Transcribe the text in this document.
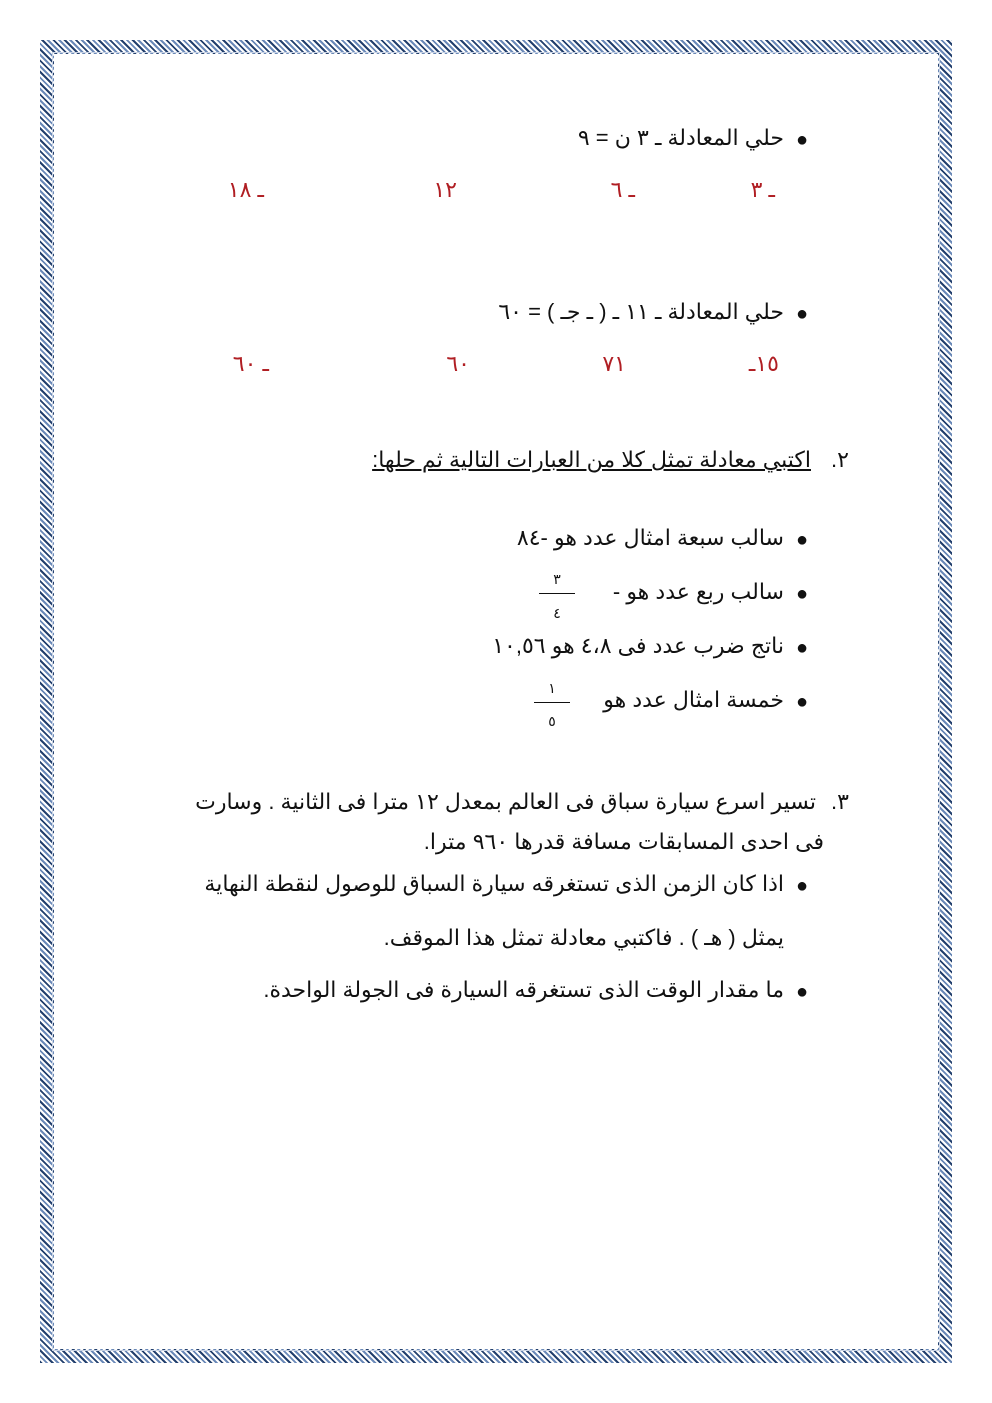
●
حلي المعادلة ـ ٣ ن = ٩
ـ ٣
ـ ٦
١٢
ـ ١٨
●
حلي المعادلة ـ ١١ ـ ( ـ جـ ) = ٦٠
١٥ـ
٧١
٦٠
ـ ٦٠
٢.
اكتبي معادلة تمثل كلا من العبارات التالية ثم حلها:
●
سالب سبعة امثال عدد هو -٨٤
●
سالب ربع عدد هو -
٣
٤
●
ناتج ضرب عدد فى ٤،٨ هو ١٠,٥٦
●
خمسة امثال عدد هو
١
٥
٣.
تسير اسرع سيارة سباق فى العالم بمعدل ١٢ مترا فى الثانية . وسارت
فى احدى المسابقات مسافة قدرها ٩٦٠ مترا.
●
اذا كان الزمن الذى تستغرقه سيارة السباق للوصول لنقطة النهاية
يمثل ( هـ ) . فاكتبي معادلة تمثل هذا الموقف.
●
ما مقدار الوقت الذى تستغرقه السيارة فى الجولة الواحدة.
